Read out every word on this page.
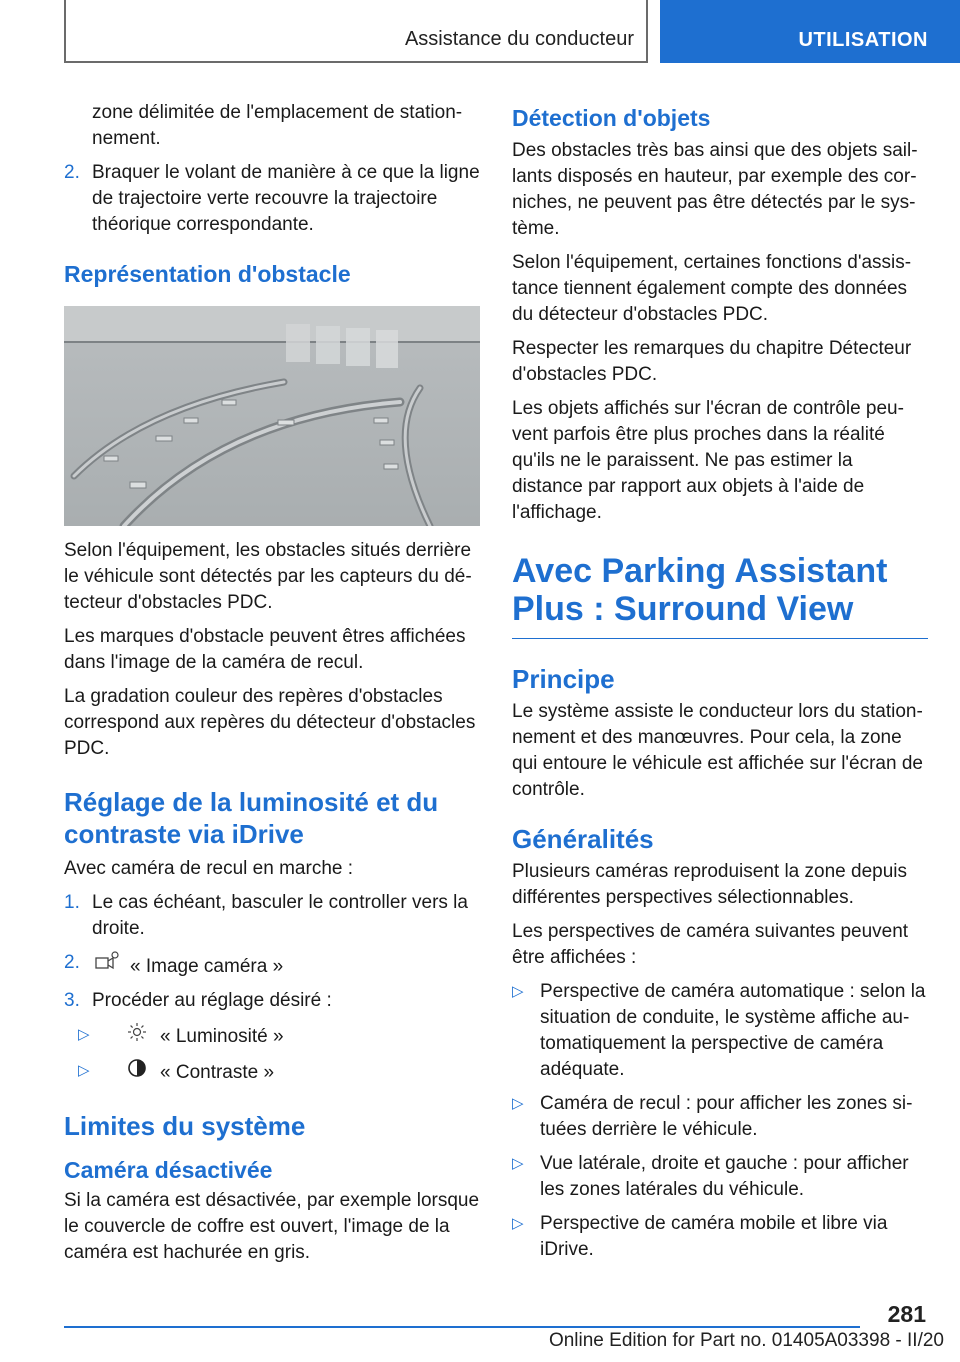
Assistance du conducteur	UTILISATION

zone délimitée de l'emplacement de stationnement.

2. Braquer le volant de manière à ce que la ligne de trajectoire verte recouvre la trajectoire théorique correspondante.
Représentation d'obstacle

Selon l'équipement, les obstacles situés derrière le véhicule sont détectés par les capteurs du détecteur d'obstacles PDC.

Les marques d'obstacle peuvent êtres affichées dans l'image de la caméra de recul.

La gradation couleur des repères d'obstacles correspond aux repères du détecteur d'obstacles PDC.

Réglage de la luminosité et du contraste via iDrive

Avec caméra de recul en marche :

1. Le cas échéant, basculer le controller vers la droite.
2.	« Image caméra »
3. Procéder au réglage désiré :
▷	« Luminosité »
▷	« Contraste »
Limites du système
Caméra désactivée

Si la caméra est désactivée, par exemple lorsque le couvercle de coffre est ouvert, l'image de la caméra est hachurée en gris.

Détection d'objets

Des obstacles très bas ainsi que des objets saillants disposés en hauteur, par exemple des corniches, ne peuvent pas être détectés par le système.

Selon l'équipement, certaines fonctions d'assistance tiennent également compte des données du détecteur d'obstacles PDC.

Respecter les remarques du chapitre Détecteur d'obstacles PDC.

Les objets affichés sur l'écran de contrôle peuvent parfois être plus proches dans la réalité qu'ils ne le paraissent. Ne pas estimer la distance par rapport aux objets à l'aide de l'affichage.

Avec Parking Assistant Plus : Surround View
Principe

Le système assiste le conducteur lors du stationnement et des manœuvres. Pour cela, la zone qui entoure le véhicule est affichée sur l'écran de contrôle.

Généralités

Plusieurs caméras reproduisent la zone depuis différentes perspectives sélectionnables.

Les perspectives de caméra suivantes peuvent être affichées :

▷ Perspective de caméra automatique : selon la situation de conduite, le système affiche automatiquement la perspective de caméra adéquate.
▷ Caméra de recul : pour afficher les zones situées derrière le véhicule.
▷ Vue latérale, droite et gauche : pour afficher les zones latérales du véhicule.
▷ Perspective de caméra mobile et libre via iDrive.
281
Online Edition for Part no. 01405A03398 - II/20
